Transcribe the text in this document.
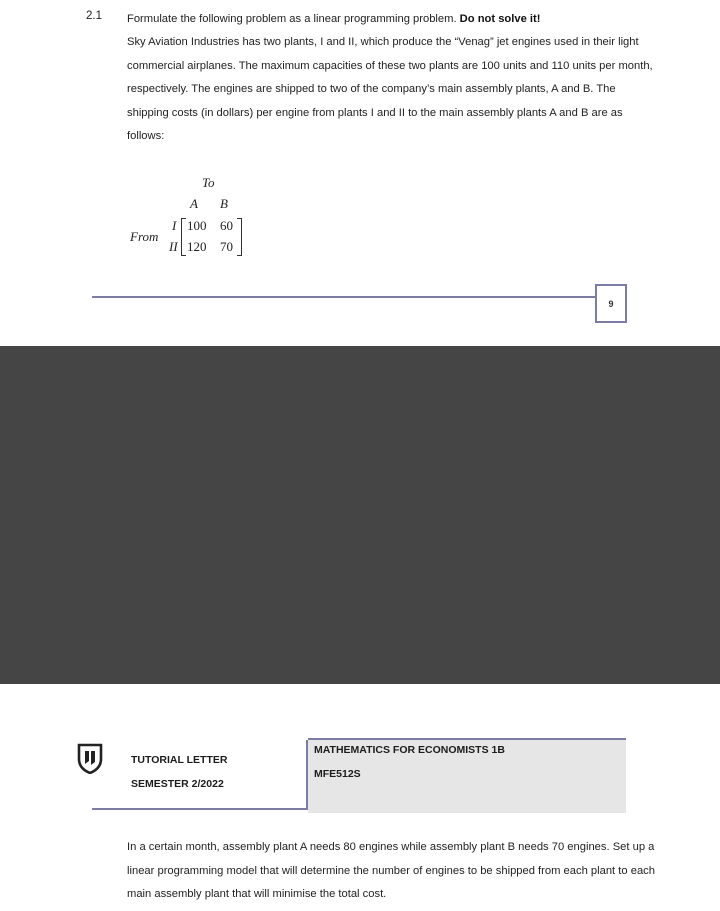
2.1 Formulate the following problem as a linear programming problem. Do not solve it!

Sky Aviation Industries has two plants, I and II, which produce the “Venag” jet engines used in their light commercial airplanes. The maximum capacities of these two plants are 100 units and 110 units per month, respectively. The engines are shipped to two of the company’s main assembly plants, A and B. The shipping costs (in dollars) per engine from plants I and II to the main assembly plants A and B are as follows:

To
A B
From
I
II
100 60
120 70
9
TUTORIAL LETTER
SEMESTER 2/2022
MATHEMATICS FOR ECONOMISTS 1B
MFE512S

In a certain month, assembly plant A needs 80 engines while assembly plant B needs 70 engines. Set up a linear programming model that will determine the number of engines to be shipped from each plant to each main assembly plant that will minimise the total cost.
